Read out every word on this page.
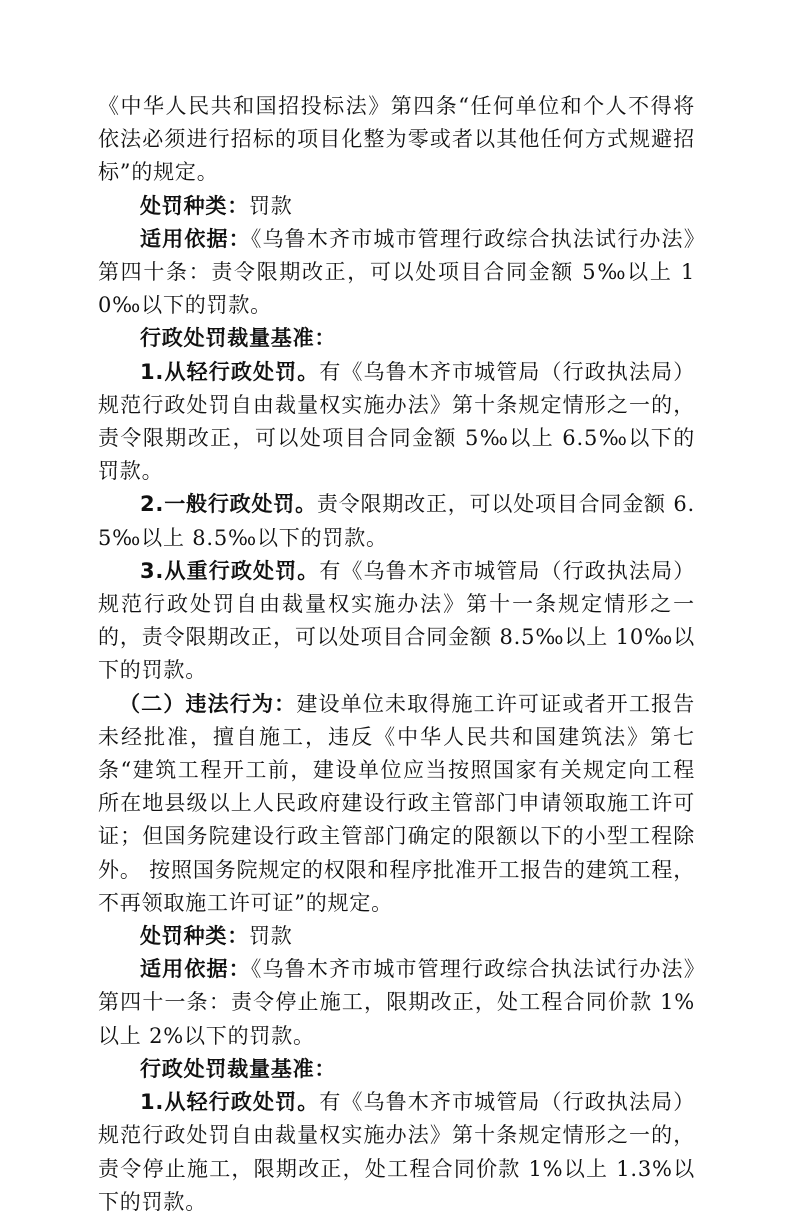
《中华人民共和国招投标法》第四条“任何单位和个人不得将依法必须进行招标的项目化整为零或者以其他任何方式规避招标”的规定。

处罚种类：罚款

适用依据：《乌鲁木齐市城市管理行政综合执法试行办法》第四十条：责令限期改正，可以处项目合同金额 5‰以上 10‰以下的罚款。

行政处罚裁量基准：

1.从轻行政处罚。有《乌鲁木齐市城管局（行政执法局）规范行政处罚自由裁量权实施办法》第十条规定情形之一的，责令限期改正，可以处项目合同金额 5‰以上 6.5‰以下的罚款。

2.一般行政处罚。责令限期改正，可以处项目合同金额 6.5‰以上 8.5‰以下的罚款。

3.从重行政处罚。有《乌鲁木齐市城管局（行政执法局）规范行政处罚自由裁量权实施办法》第十一条规定情形之一的，责令限期改正，可以处项目合同金额 8.5‰以上 10‰以下的罚款。

（二）违法行为：建设单位未取得施工许可证或者开工报告未经批准，擅自施工，违反《中华人民共和国建筑法》第七条“建筑工程开工前，建设单位应当按照国家有关规定向工程所在地县级以上人民政府建设行政主管部门申请领取施工许可证；但国务院建设行政主管部门确定的限额以下的小型工程除外。 按照国务院规定的权限和程序批准开工报告的建筑工程，不再领取施工许可证”的规定。

处罚种类：罚款

适用依据：《乌鲁木齐市城市管理行政综合执法试行办法》第四十一条：责令停止施工，限期改正，处工程合同价款 1%以上 2%以下的罚款。

行政处罚裁量基准：

1.从轻行政处罚。有《乌鲁木齐市城管局（行政执法局）规范行政处罚自由裁量权实施办法》第十条规定情形之一的，责令停止施工，限期改正，处工程合同价款 1%以上 1.3%以下的罚款。
